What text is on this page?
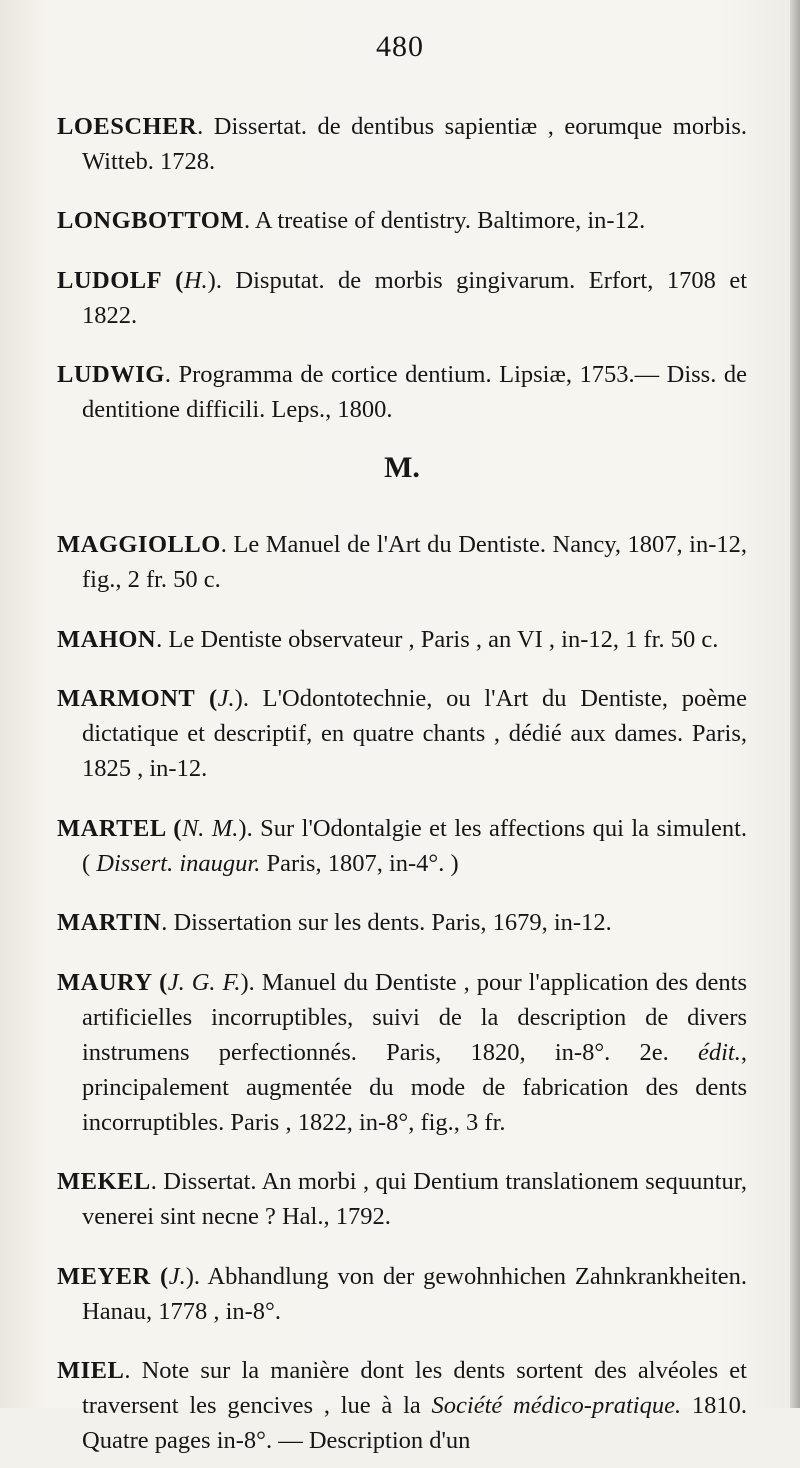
480

LOESCHER. Dissertat. de dentibus sapientiæ , eorumque morbis. Witteb. 1728.

LONGBOTTOM. A treatise of dentistry. Baltimore, in-12.

LUDOLF (H.). Disputat. de morbis gingivarum. Erfort, 1708 et 1822.

LUDWIG. Programma de cortice dentium. Lipsiæ, 1753.— Diss. de dentitione difficili. Leps., 1800.

M.

MAGGIOLLO. Le Manuel de l'Art du Dentiste. Nancy, 1807, in-12, fig., 2 fr. 50 c.

MAHON. Le Dentiste observateur , Paris , an VI , in-12, 1 fr. 50 c.

MARMONT (J.). L'Odontotechnie, ou l'Art du Dentiste, poème dictatique et descriptif, en quatre chants , dédié aux dames. Paris, 1825 , in-12.

MARTEL (N. M.). Sur l'Odontalgie et les affections qui la simulent. ( Dissert. inaugur. Paris, 1807, in-4°. )

MARTIN. Dissertation sur les dents. Paris, 1679, in-12.

MAURY (J. G. F.). Manuel du Dentiste , pour l'application des dents artificielles incorruptibles, suivi de la description de divers instrumens perfectionnés. Paris, 1820, in-8°. 2e. édit., principalement augmentée du mode de fabrication des dents incorruptibles. Paris , 1822, in-8°, fig., 3 fr.

MEKEL. Dissertat. An morbi , qui Dentium translationem sequuntur, venerei sint necne ? Hal., 1792.

MEYER (J.). Abhandlung von der gewohnhichen Zahnkrankheiten. Hanau, 1778 , in-8°.

MIEL. Note sur la manière dont les dents sortent des alvéoles et traversent les gencives , lue à la Société médico-pratique. 1810. Quatre pages in-8°. — Description d'un
